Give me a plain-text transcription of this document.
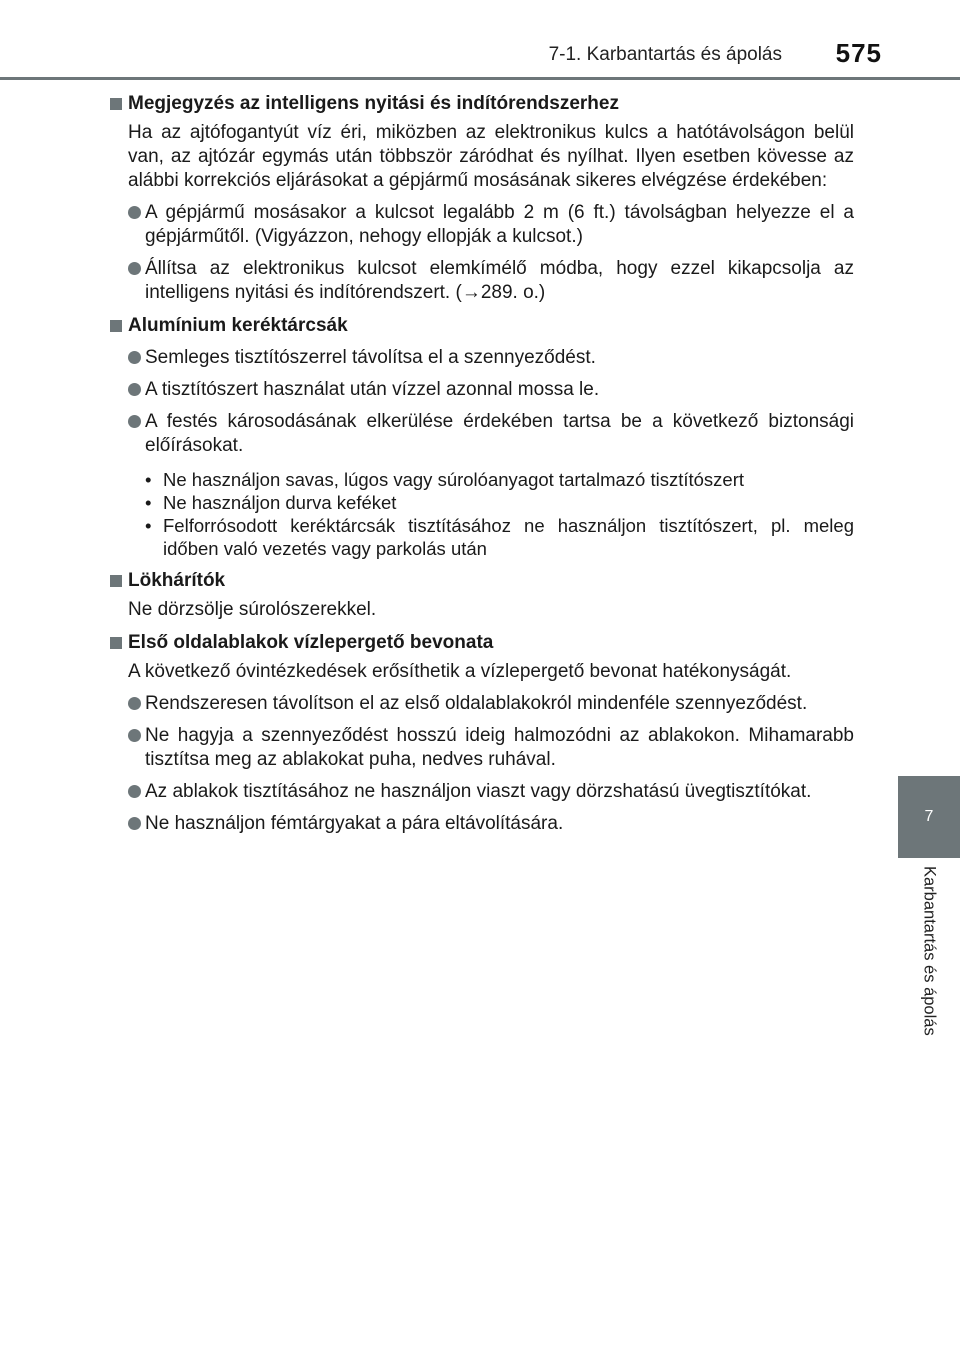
7-1. Karbantartás és ápolás 575
7
Karbantartás és ápolás
Megjegyzés az intelligens nyitási és indítórendszerhez
Ha az ajtófogantyút víz éri, miközben az elektronikus kulcs a hatótávolságon belül van, az ajtózár egymás után többször záródhat és nyílhat. Ilyen esetben kövesse az alábbi korrekciós eljárásokat a gépjármű mosásának sikeres elvégzése érdekében:
A gépjármű mosásakor a kulcsot legalább 2 m (6 ft.) távolságban helyezze el a gépjárműtől. (Vigyázzon, nehogy ellopják a kulcsot.)
Állítsa az elektronikus kulcsot elemkímélő módba, hogy ezzel kikapcsolja az intelligens nyitási és indítórendszert. (→289. o.)
Alumínium keréktárcsák
Semleges tisztítószerrel távolítsa el a szennyeződést.
A tisztítószert használat után vízzel azonnal mossa le.
A festés károsodásának elkerülése érdekében tartsa be a következő biztonsági előírásokat.
• Ne használjon savas, lúgos vagy súrolóanyagot tartalmazó tisztítószert
• Ne használjon durva keféket
• Felforrósodott keréktárcsák tisztításához ne használjon tisztítószert, pl. meleg időben való vezetés vagy parkolás után
Lökhárítók
Ne dörzsölje súrolószerekkel.
Első oldalablakok vízlepergető bevonata
A következő óvintézkedések erősíthetik a vízlepergető bevonat hatékonyságát.
Rendszeresen távolítson el az első oldalablakokról mindenféle szennyeződést.
Ne hagyja a szennyeződést hosszú ideig halmozódni az ablakokon. Mihamarabb tisztítsa meg az ablakokat puha, nedves ruhával.
Az ablakok tisztításához ne használjon viaszt vagy dörzshatású üvegtisztítókat.
Ne használjon fémtárgyakat a pára eltávolítására.
